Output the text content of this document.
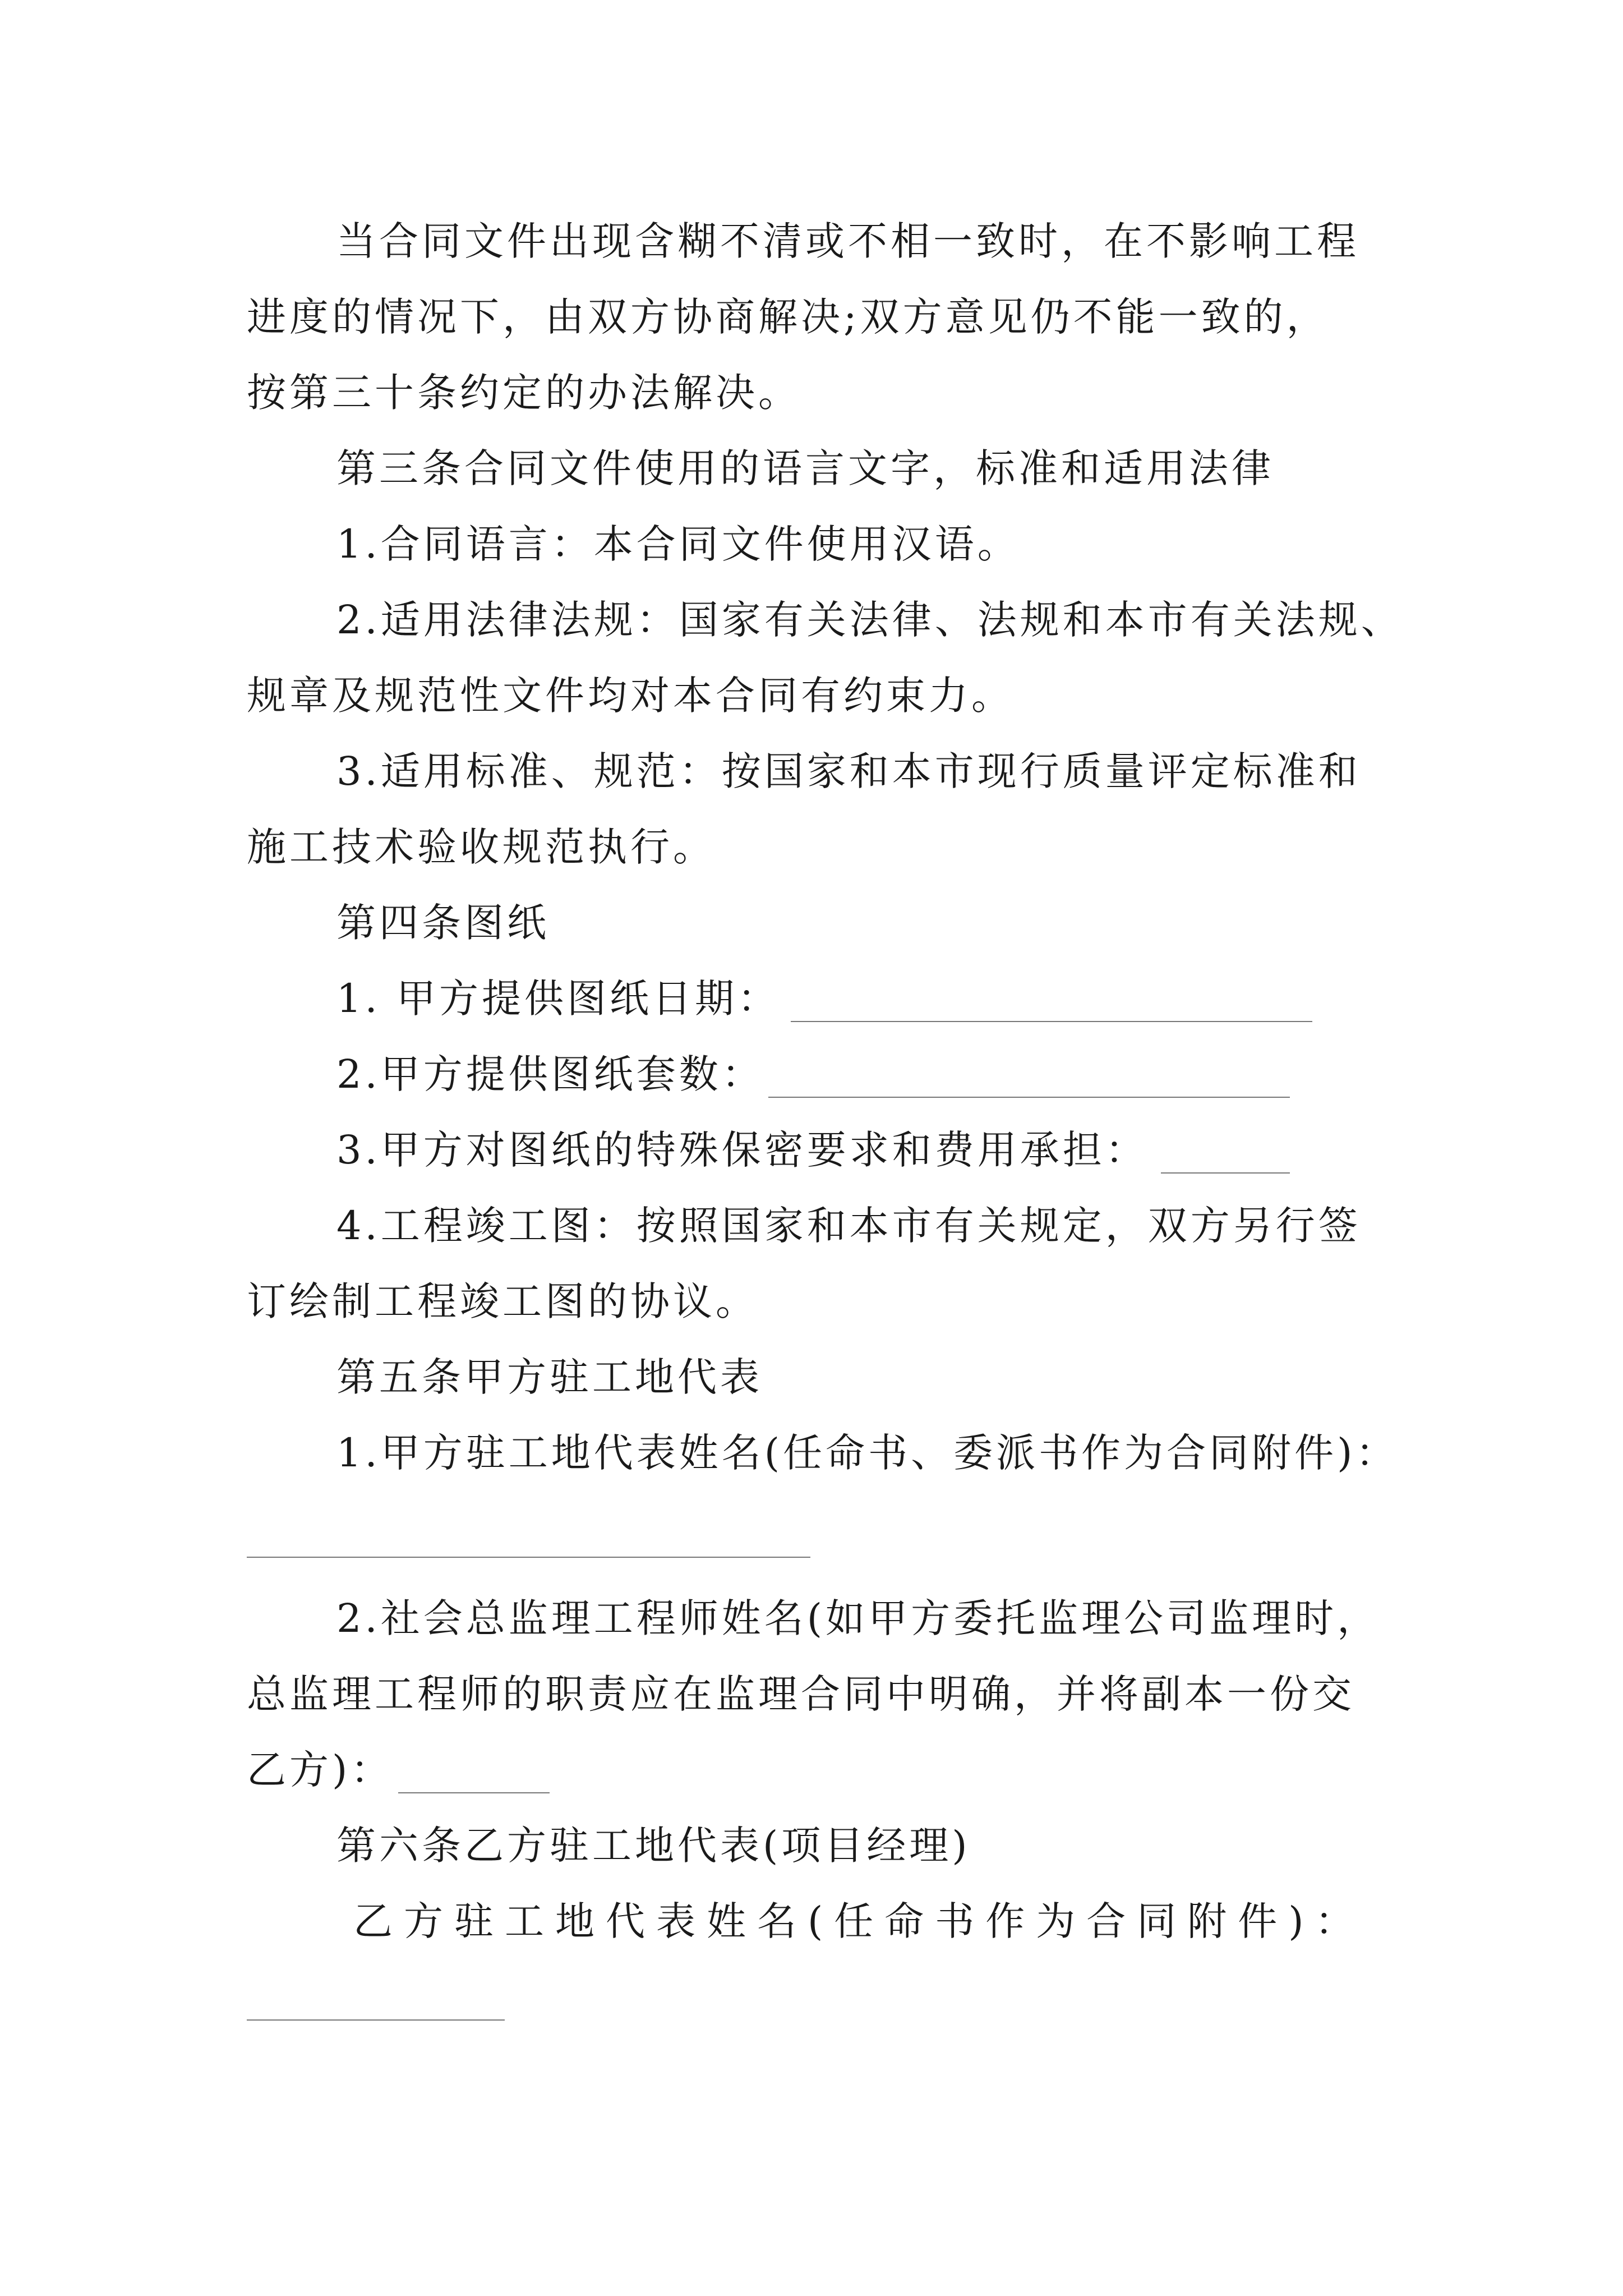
当合同文件出现含糊不清或不相一致时，在不影响工程
进度的情况下，由双方协商解决;双方意见仍不能一致的，
按第三十条约定的办法解决。
第三条合同文件使用的语言文字，标准和适用法律
1.合同语言：本合同文件使用汉语。
2.适用法律法规：国家有关法律、法规和本市有关法规、
规章及规范性文件均对本合同有约束力。
3.适用标准、规范：按国家和本市现行质量评定标准和
施工技术验收规范执行。
第四条图纸
1. 甲方提供图纸日期：
2.甲方提供图纸套数：
3.甲方对图纸的特殊保密要求和费用承担：
4.工程竣工图：按照国家和本市有关规定，双方另行签
订绘制工程竣工图的协议。
第五条甲方驻工地代表
1.甲方驻工地代表姓名(任命书、委派书作为合同附件)：
2.社会总监理工程师姓名(如甲方委托监理公司监理时，
总监理工程师的职责应在监理合同中明确，并将副本一份交
乙方)：
第六条乙方驻工地代表(项目经理)
乙方驻工地代表姓名(任命书作为合同附件)：
